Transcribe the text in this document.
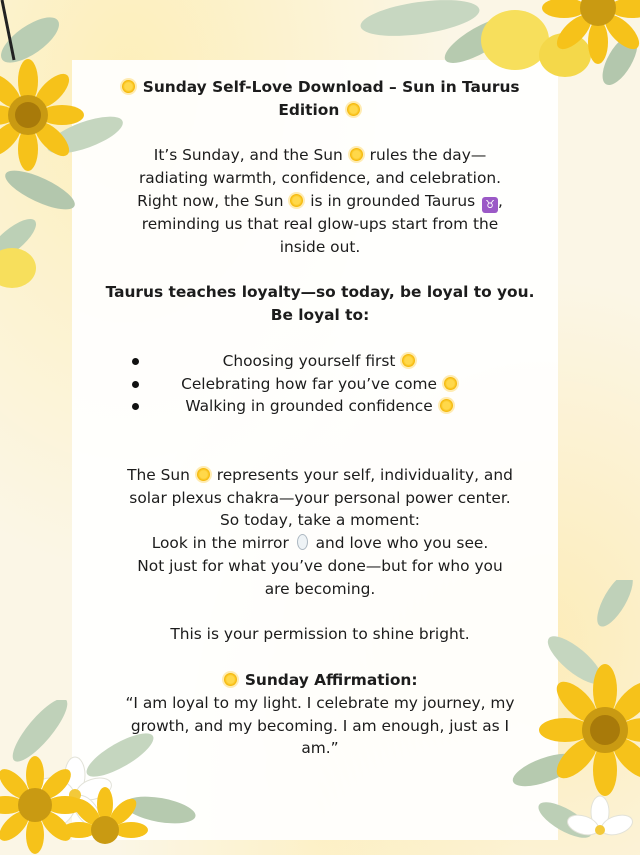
Sunday Self-Love Download – Sun in Taurus

Edition

It’s Sunday, and the Sun rules the day—

radiating warmth, confidence, and celebration.

Right now, the Sun is in grounded Taurus ♉ ,

reminding us that real glow-ups start from the

inside out.

Taurus teaches loyalty—so today, be loyal to you.

Be loyal to:

Choosing yourself first
Celebrating how far you’ve come
Walking in grounded confidence

The Sun represents your self, individuality, and

solar plexus chakra—your personal power center.

So today, take a moment:

Look in the mirror and love who you see.

Not just for what you’ve done—but for who you

are becoming.

This is your permission to shine bright.

Sunday Affirmation:

“I am loyal to my light. I celebrate my journey, my

growth, and my becoming. I am enough, just as I

am.”
